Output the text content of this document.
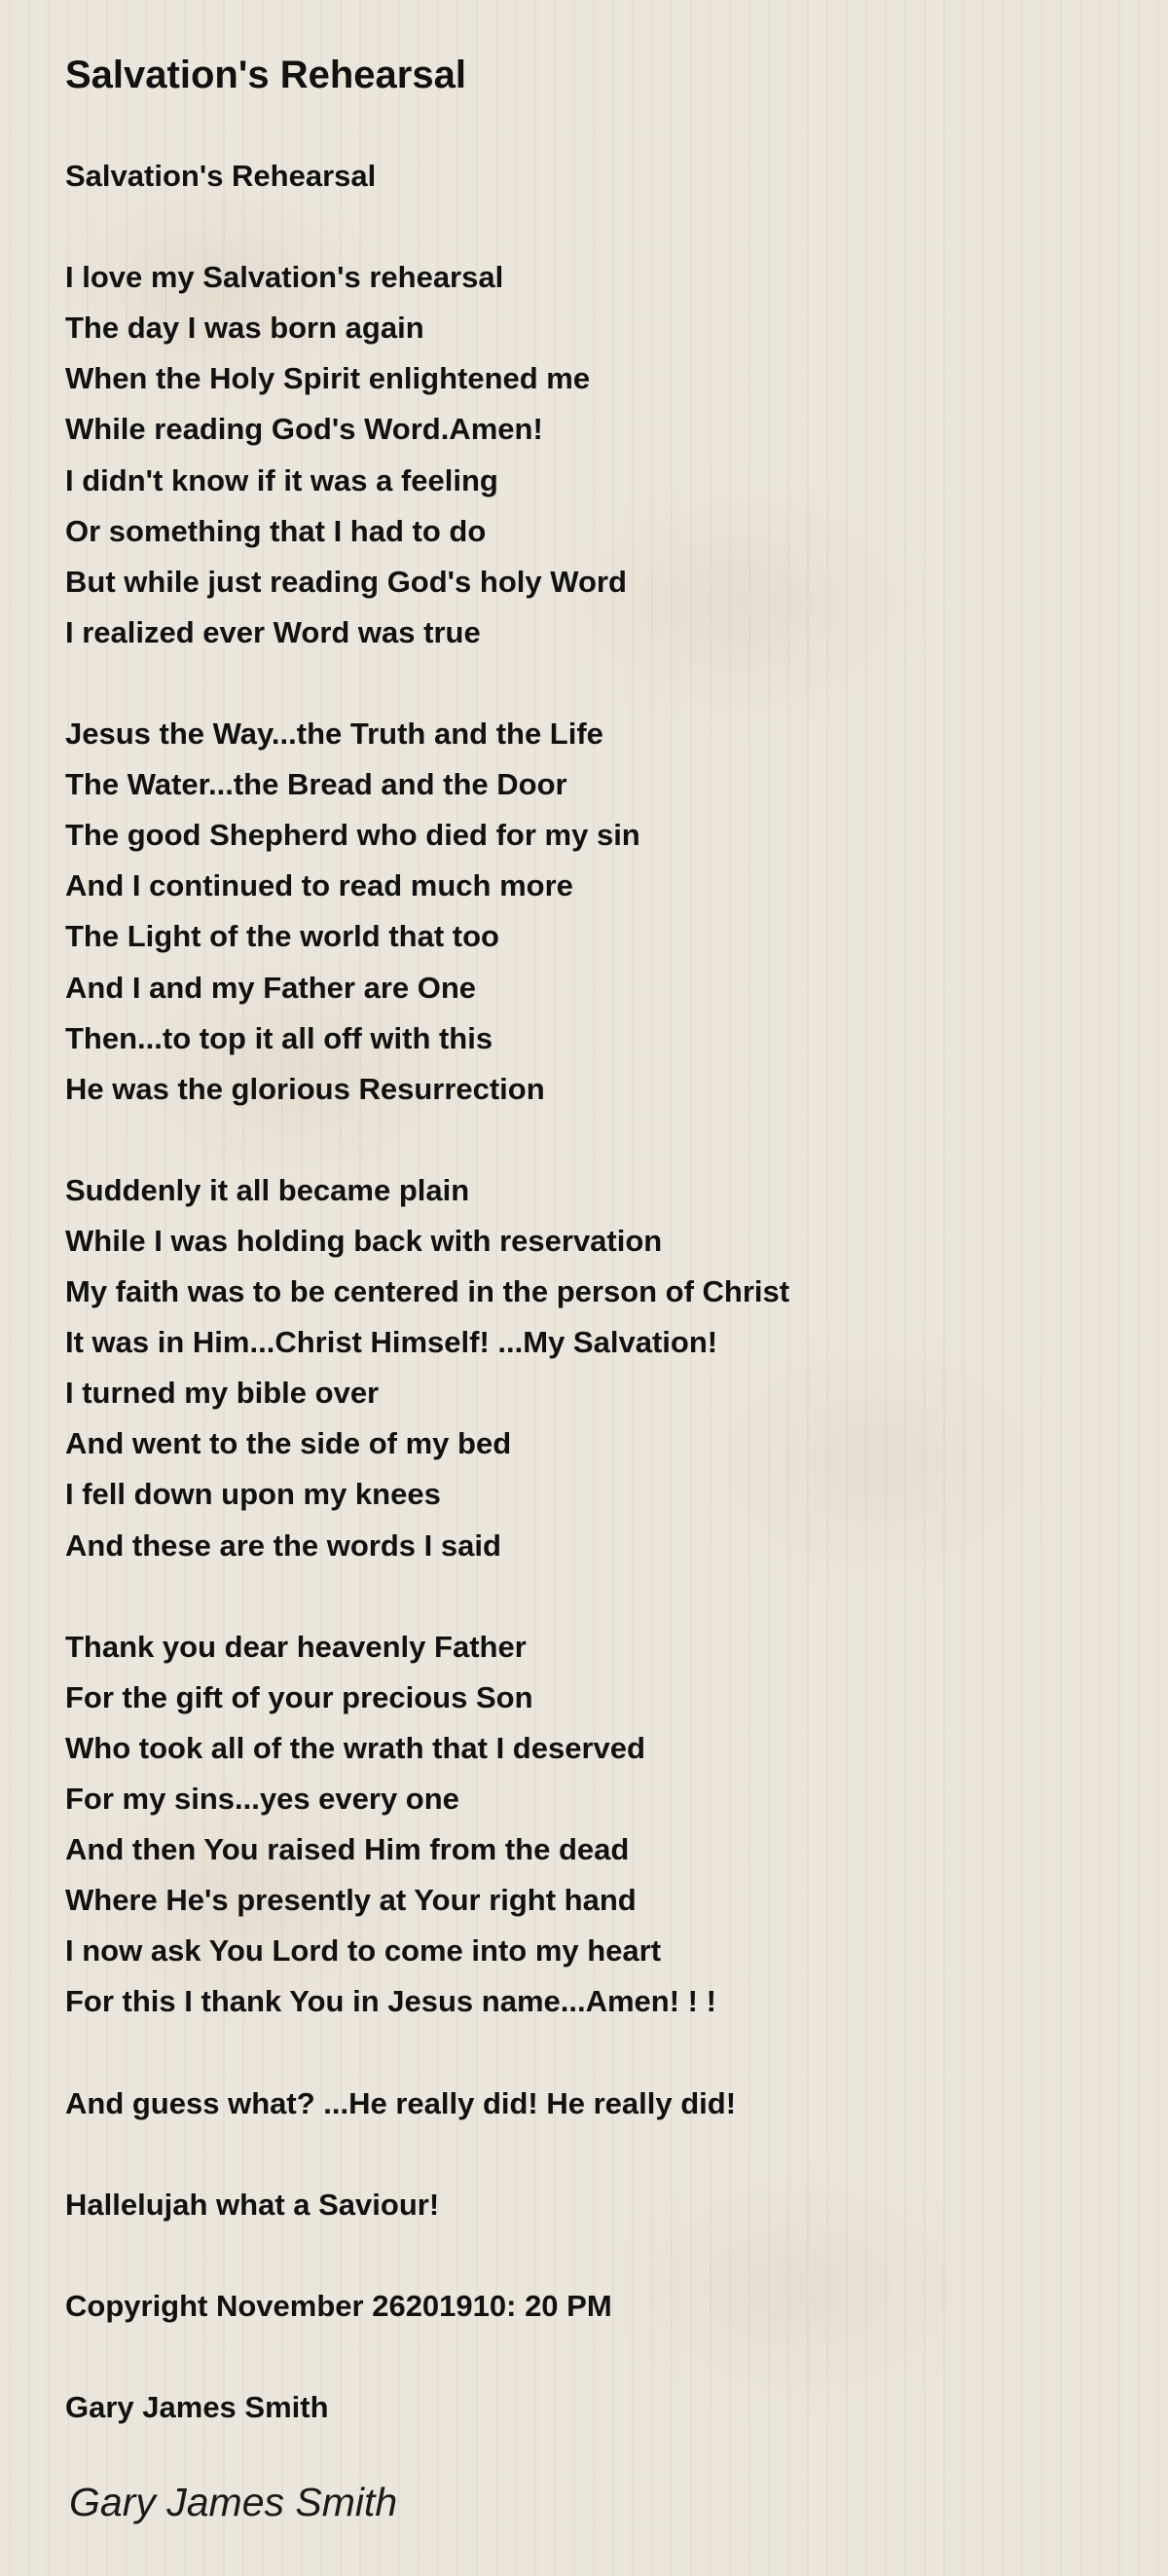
Salvation's Rehearsal
Salvation's Rehearsal
I love my Salvation's rehearsal
The day I was born again
When the Holy Spirit enlightened me
While reading God's Word.Amen!
I didn't know if it was a feeling
Or something that I had to do
But while just reading God's holy Word
I realized ever Word was true
Jesus the Way...the Truth and the Life
The Water...the Bread and the Door
The good Shepherd who died for my sin
And I continued to read much more
The Light of the world that too
And I and my Father are One
Then...to top it all off with this
He was the glorious Resurrection
Suddenly it all became plain
While I was holding back with reservation
My faith was to be centered in the person of Christ
It was in Him...Christ Himself! ...My Salvation!
I turned my bible over
And went to the side of my bed
I fell down upon my knees
And these are the words I said
Thank you dear heavenly Father
For the gift of your precious Son
Who took all of the wrath that I deserved
For my sins...yes every one
And then You raised Him from the dead
Where He's presently at Your right hand
I now ask You Lord to come into my heart
For this I thank You in Jesus name...Amen! ! !
And guess what? ...He really did! He really did!
Hallelujah what a Saviour!
Copyright November 26201910: 20 PM
Gary James Smith
Gary James Smith
